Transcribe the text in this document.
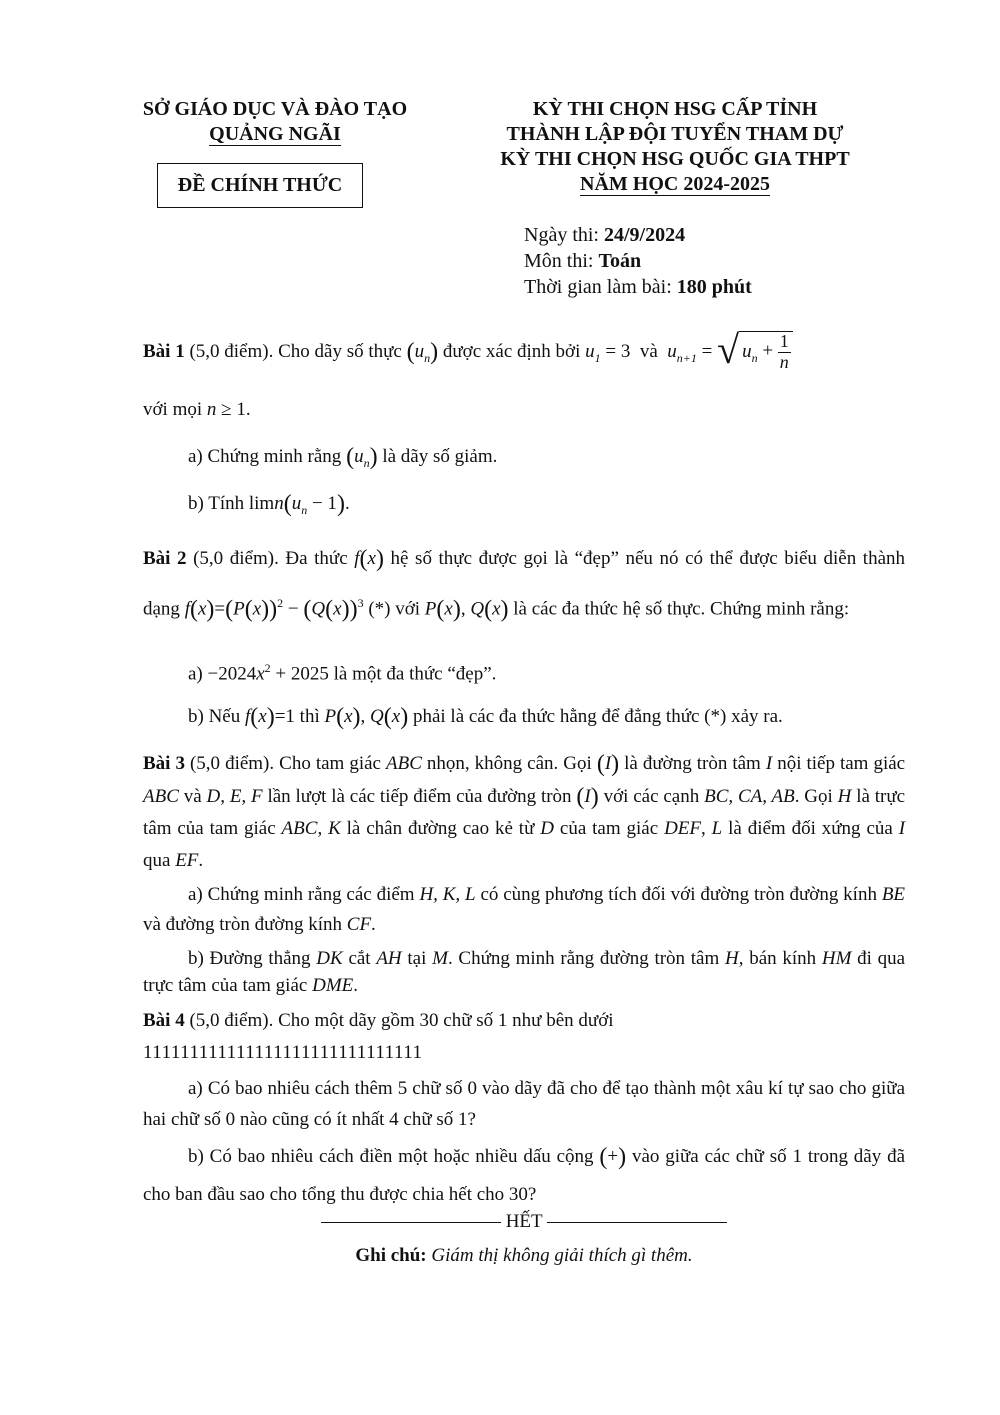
SỞ GIÁO DỤC VÀ ĐÀO TẠO
QUẢNG NGÃI
ĐỀ CHÍNH THỨC
KỲ THI CHỌN HSG CẤP TỈNH
THÀNH LẬP ĐỘI TUYỂN THAM DỰ
KỲ THI CHỌN HSG QUỐC GIA THPT
NĂM HỌC 2024-2025
Ngày thi: 24/9/2024
Môn thi: Toán
Thời gian làm bài: 180 phút
Bài 1 (5,0 điểm). Cho dãy số thực $(u_n)$ được xác định bởi $u_1 = 3$  và $u_{n+1}$ = √ $u_n + \frac{1}{n}$
với mọi n ≥ 1.
a) Chứng minh rằng $(u_n)$ là dãy số giảm.
b) Tính $\lim n(u_n - 1)$.
Bài 2 (5,0 điểm). Đa thức f(x) hệ số thực được gọi là “đẹp” nếu nó có thể được biểu diễn thành dạng $f(x)=(P(x))^2 - (Q(x))^3$ (*) với P(x), Q(x) là các đa thức hệ số thực. Chứng minh rằng:
$a) -2024x^2 + 2025$ là một đa thức “đẹp”.
b) Nếu f(x)=1 thì P(x), Q(x) phải là các đa thức hằng để đẳng thức (*) xảy ra.
Bài 3 (5,0 điểm). Cho tam giác ABC nhọn, không cân. Gọi (I) là đường tròn tâm I nội tiếp tam giác ABC và D, E, F lần lượt là các tiếp điểm của đường tròn (I) với các cạnh BC, CA, AB. Gọi H là trực tâm của tam giác ABC, K là chân đường cao kẻ từ D của tam giác DEF, L là điểm đối xứng của I qua EF.
a) Chứng minh rằng các điểm H, K, L có cùng phương tích đối với đường tròn đường kính BE và đường tròn đường kính CF.
b) Đường thẳng DK cắt AH tại M. Chứng minh rằng đường tròn tâm H, bán kính HM đi qua trực tâm của tam giác DME.
Bài 4 (5,0 điểm). Cho một dãy gồm 30 chữ số 1 như bên dưới
111111111111111111111111111111
a) Có bao nhiêu cách thêm 5 chữ số 0 vào dãy đã cho để tạo thành một xâu kí tự sao cho giữa hai chữ số 0 nào cũng có ít nhất 4 chữ số 1?
b) Có bao nhiêu cách điền một hoặc nhiều dấu cộng (+) vào giữa các chữ số 1 trong dãy đã cho ban đầu sao cho tổng thu được chia hết cho 30?
HẾT
Ghi chú: Giám thị không giải thích gì thêm.
